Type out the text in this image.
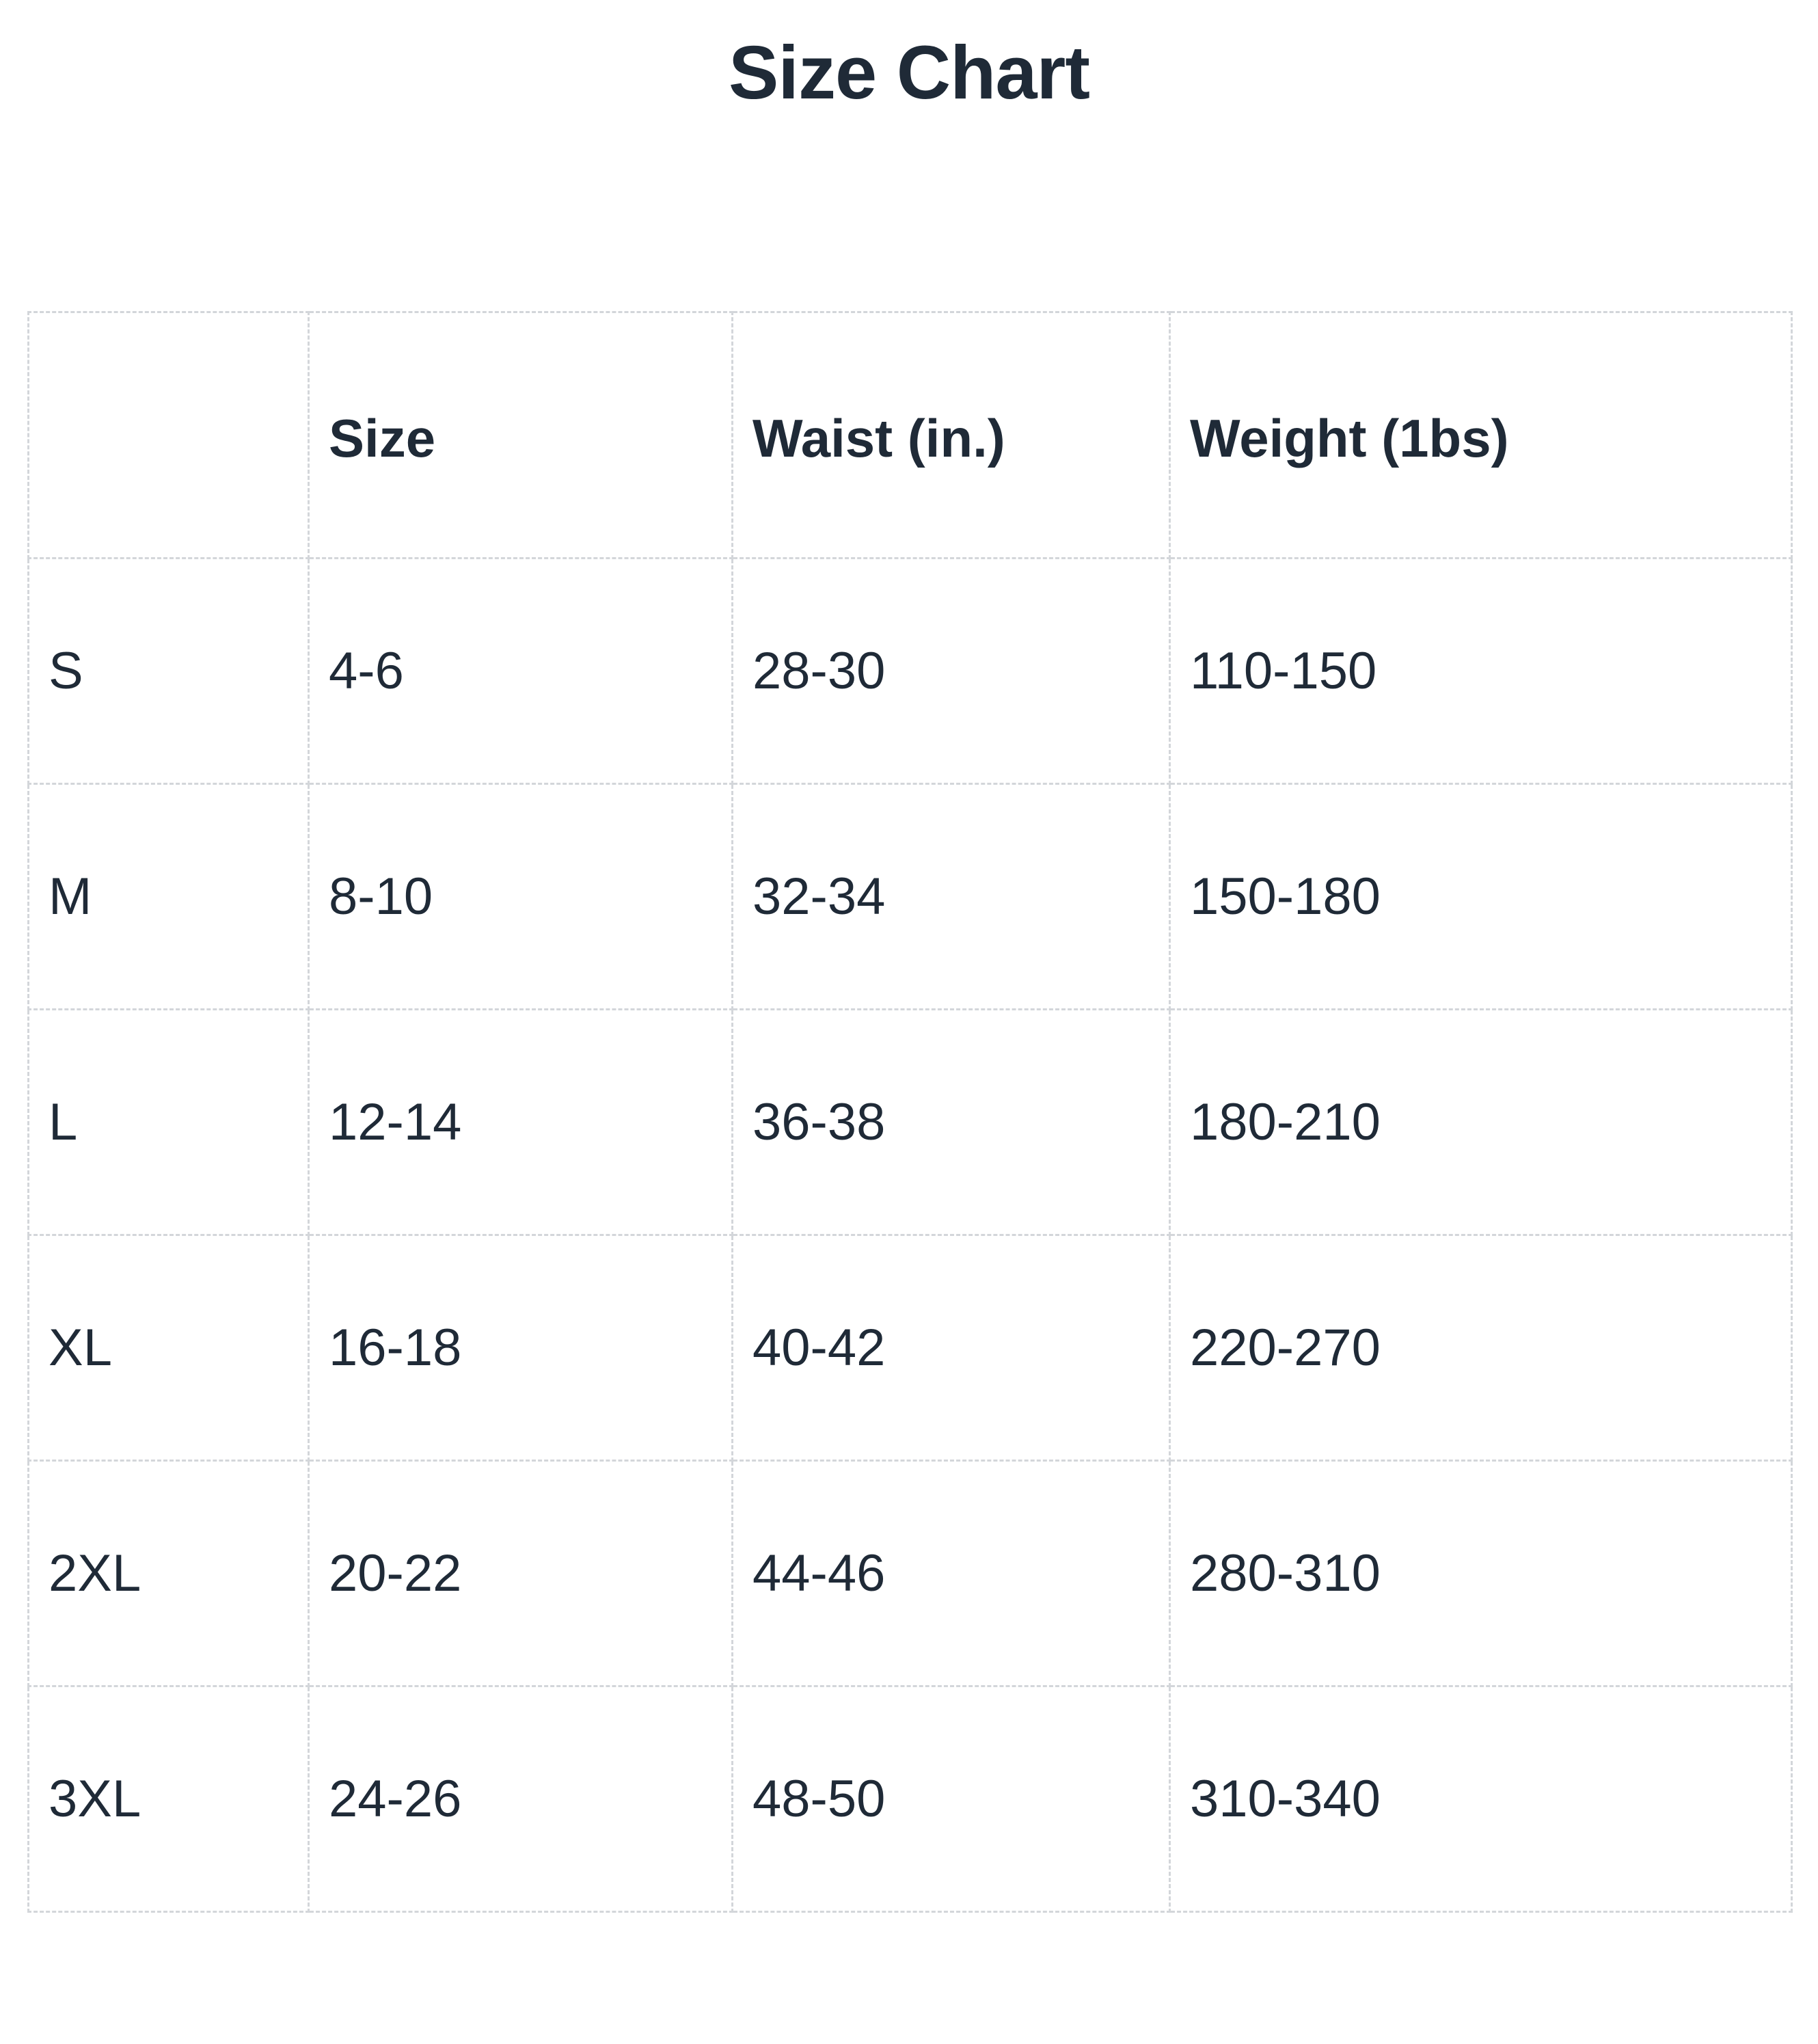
Size Chart
	Size	Waist (in.)	Weight (1bs)
S	4-6	28-30	110-150
M	8-10	32-34	150-180
L	12-14	36-38	180-210
XL	16-18	40-42	220-270
2XL	20-22	44-46	280-310
3XL	24-26	48-50	310-340
